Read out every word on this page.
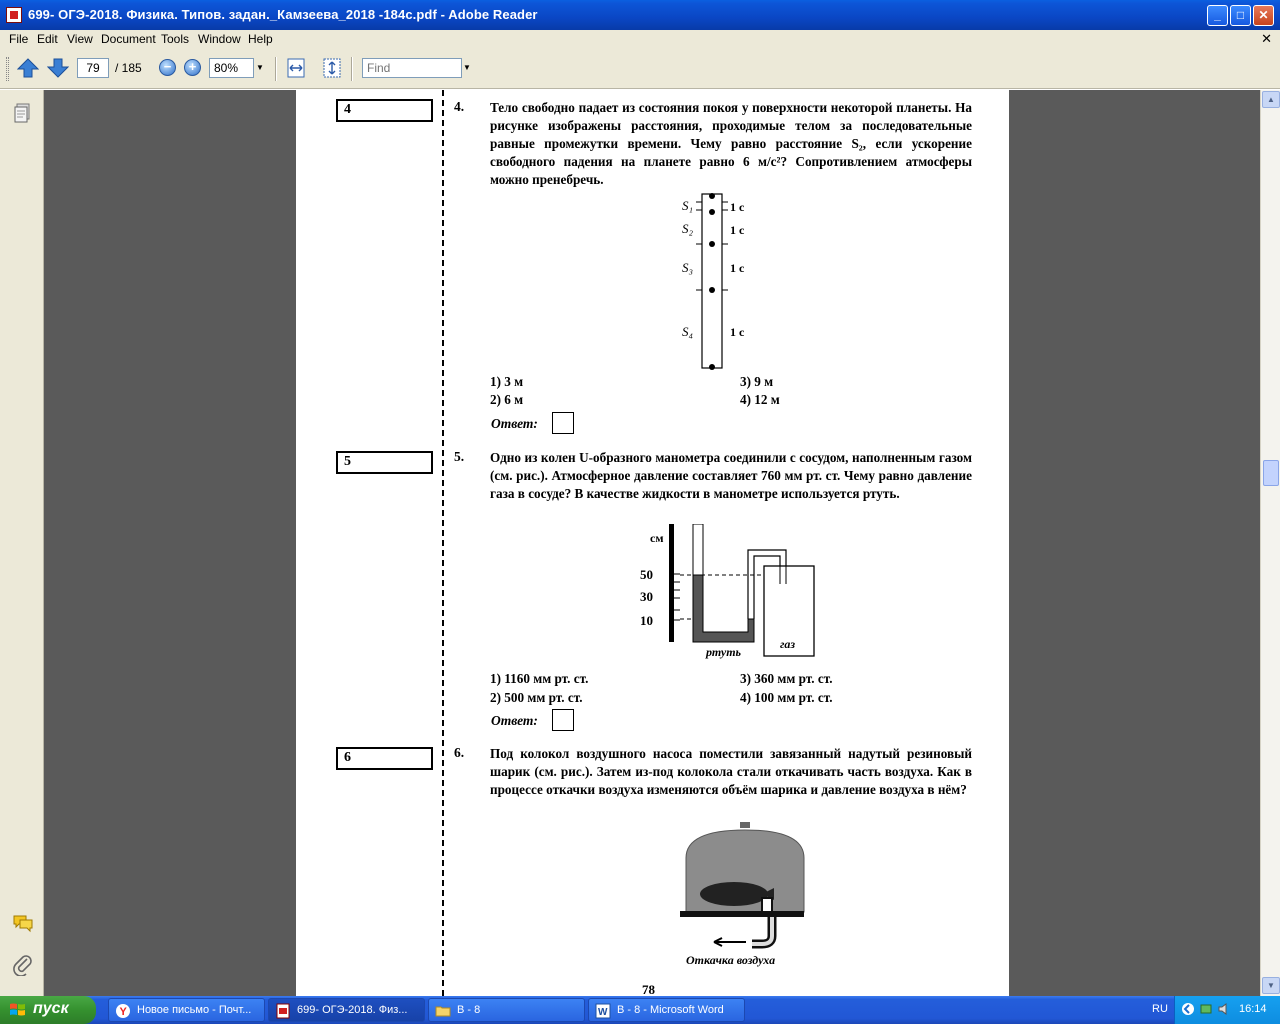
699- ОГЭ-2018. Физика. Типов. задан._Камзеева_2018 -184с.pdf - Adobe Reader	_	□	✕
File Edit View Document Tools Window Help	✕
79	/ 185	−	+	80%	▼
Find	▼
4	4. Тело свободно падает из состояния покоя у поверхности некоторой планеты. На рисунке изображены расстояния, проходимые телом за последовательные равные промежутки времени. Чему равно расстояние S₂, если ускорение свободного падения на планете равно 6 м/с²? Сопротивлением атмосферы можно пренебречь.
S₁
S₂
S₃
S₄
1 с
1 с
1 с
1 с
1) 3 м	3) 9 м
2) 6 м	4) 12 м
Ответ:
5	5. Одно из колен U-образного манометра соединили с сосудом, наполненным газом (см. рис.). Атмосферное давление составляет 760 мм рт. ст. Чему равно давление газа в сосуде? В качестве жидкости в манометре используется ртуть.
см
50
30
10
ртуть
газ
1) 1160 мм рт. ст.	3) 360 мм рт. ст.
2) 500 мм рт. ст.	4) 100 мм рт. ст.
Ответ:
6	6. Под колокол воздушного насоса поместили завязанный надутый резиновый шарик (см. рис.). Затем из-под колокола стали откачивать часть воздуха. Как в процессе откачки воздуха изменяются объём шарика и давление воздуха в нём?
Откачка воздуха
78
▲
▼
пуск	Y Новое письмо - Почт...	699- ОГЭ-2018. Физ...	В - 8	W В - 8 - Microsoft Word	RU	16:14
